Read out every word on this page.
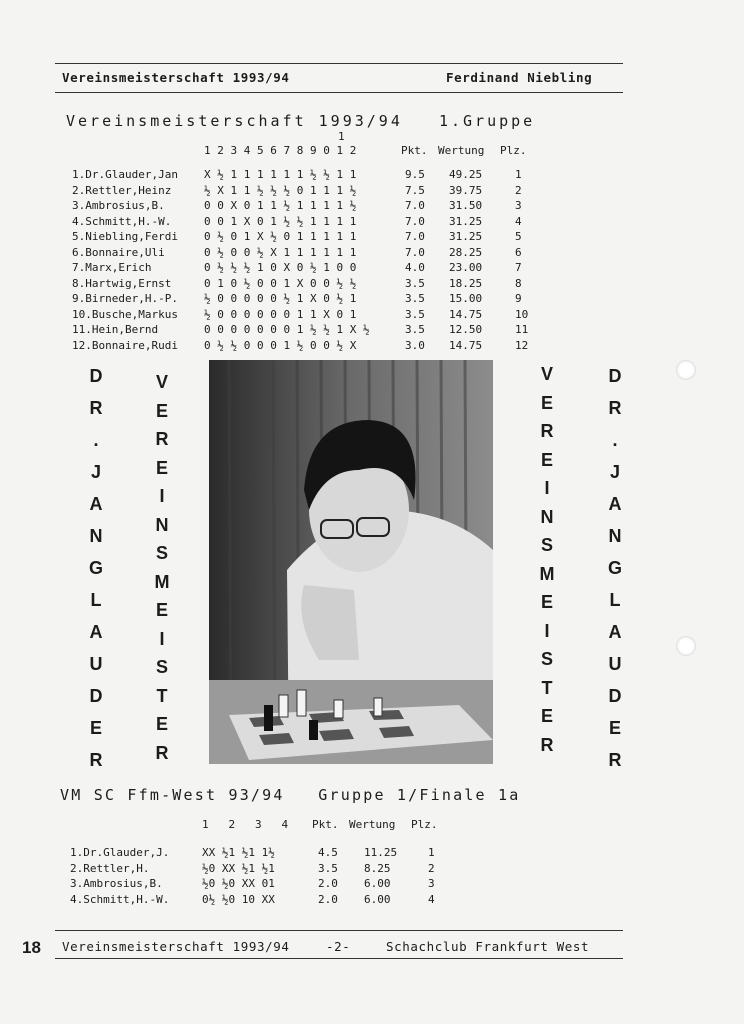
Vereinsmeisterschaft 1993/94	Ferdinand Niebling
Vereinsmeisterschaft 1993/94   1.Gruppe
1
1 2 3 4 5 6 7 8 9 0 1 2	Pkt. Wertung Plz.
1.Dr.Glauder,Jan X ½ 1 1 1 1 1 1 ½ ½ 1 1	9.5 49.25	1
2.Rettler,Heinz	½ X 1 1 ½ ½ ½ 0 1 1 1 ½	7.5 39.75	2
3.Ambrosius,B.	0 0 X 0 1 1 ½ 1 1 1 1 ½	7.0 31.50	3
4.Schmitt,H.-W.	0 0 1 X 0 1 ½ ½ 1 1 1 1	7.0 31.25	4
5.Niebling,Ferdi 0 ½ 0 1 X ½ 0 1 1 1 1 1	7.0 31.25	5
6.Bonnaire,Uli	0 ½ 0 0 ½ X 1 1 1 1 1 1	7.0 28.25	6
7.Marx,Erich	0 ½ ½ ½ 1 0 X 0 ½ 1 0 0	4.0 23.00	7
8.Hartwig,Ernst	0 1 0 ½ 0 0 1 X 0 0 ½ ½	3.5 18.25	8
9.Birneder,H.-P. ½ 0 0 0 0 0 ½ 1 X 0 ½ 1	3.5 15.00	9
10.Busche,Markus ½ 0 0 0 0 0 0 1 1 X 0 1	3.5 14.75	10
11.Hein,Bernd	0 0 0 0 0 0 0 1 ½ ½ 1 X ½	3.5 12.50	11
12.Bonnaire,Rudi 0 ½ ½ 0 0 0 1 ½ 0 0 ½ X	3.0 14.75	12
D
R
.
J
A
N
G
L
A
U
D
E
R
V
E
R
E
I
N
S
M
E
I
S
T
E
R
V
E
R
E
I
N
S
M
E
I
S
T
E
R
D
R
.
J
A
N
G
L
A
U
D
E
R
VM SC Ffm-West 93/94   Gruppe 1/Finale 1a
1   2   3   4 Pkt. Wertung Plz.
1.Dr.Glauder,J.	XX ½1 ½1 1½	4.5 11.25	1
2.Rettler,H.	½0 XX ½1 ½1	3.5 8.25	2
3.Ambrosius,B.	½0 ½0 XX 01	2.0 6.00	3
4.Schmitt,H.-W.	0½ ½0 10 XX	2.0 6.00	4
18 Vereinsmeisterschaft 1993/94	-2-	Schachclub Frankfurt West
